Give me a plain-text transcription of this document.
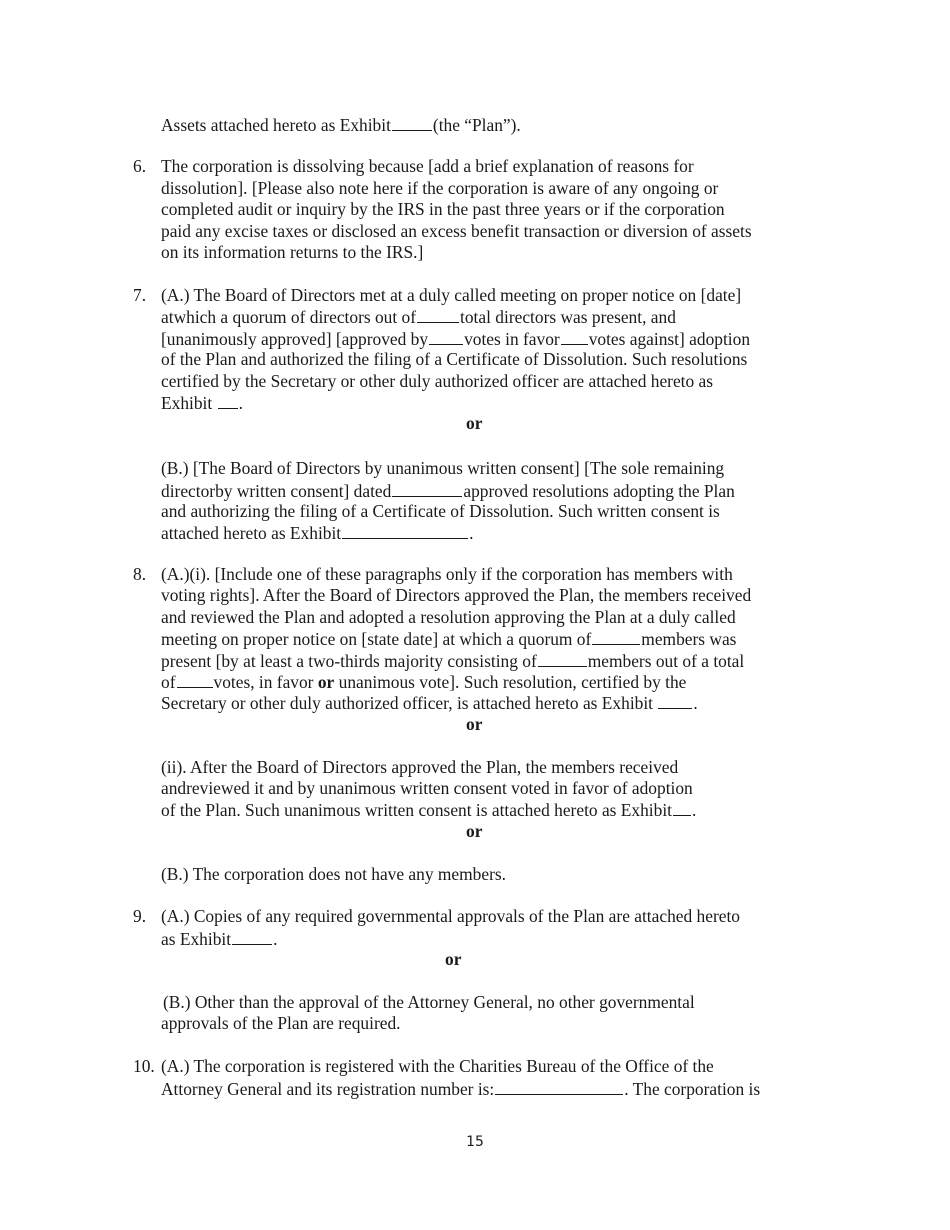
Assets attached hereto as Exhibit (the “Plan”).
6. The corporation is dissolving because [add a brief explanation of reasons for
dissolution]. [Please also note here if the corporation is aware of any ongoing or
completed audit or inquiry by the IRS in the past three years or if the corporation
paid any excise taxes or disclosed an excess benefit transaction or diversion of assets
on its information returns to the IRS.]
7. (A.) The Board of Directors met at a duly called meeting on proper notice on [date]
atwhich a quorum of directors out of	total directors was present, and
[unanimously approved] [approved by votes in favor votes against] adoption
of the Plan and authorized the filing of a Certificate of Dissolution. Such resolutions
certified by the Secretary or other duly authorized officer are attached hereto as
Exhibit .
or
(B.) [The Board of Directors by unanimous written consent] [The sole remaining
directorby written consent] dated	approved resolutions adopting the Plan
and authorizing the filing of a Certificate of Dissolution. Such written consent is
attached hereto as Exhibit	.
8. (A.)(i). [Include one of these paragraphs only if the corporation has members with
voting rights]. After the Board of Directors approved the Plan, the members received
and reviewed the Plan and adopted a resolution approving the Plan at a duly called
meeting on proper notice on [state date] at which a quorum of	members was
present [by at least a two-thirds majority consisting of	members out of a total
of votes, in favor or unanimous vote]. Such resolution, certified by the
Secretary or other duly authorized officer, is attached hereto as Exhibit .
or
(ii). After the Board of Directors approved the Plan, the members received
andreviewed it and by unanimous written consent voted in favor of adoption
of the Plan. Such unanimous written consent is attached hereto as Exhibit .
or
(B.) The corporation does not have any members.
9. (A.) Copies of any required governmental approvals of the Plan are attached hereto
as Exhibit .
or
(B.) Other than the approval of the Attorney General, no other governmental
approvals of the Plan are required.
10. (A.) The corporation is registered with the Charities Bureau of the Office of the
Attorney General and its registration number is:	. The corporation is
15
